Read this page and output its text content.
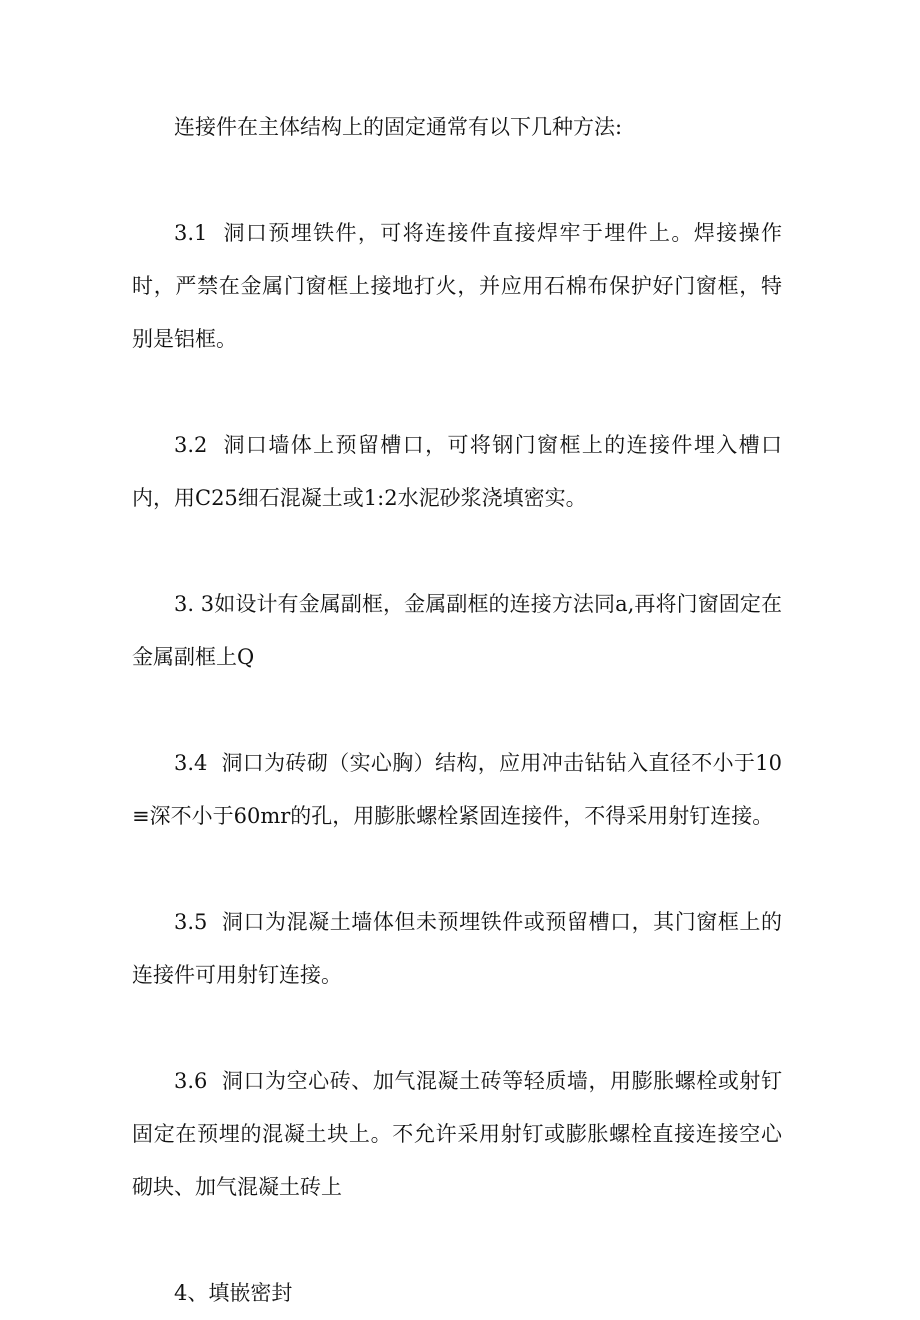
连接件在主体结构上的固定通常有以下几种方法:

3.1  洞口预埋铁件，可将连接件直接焊牢于埋件上。焊接操作时，严禁在金属门窗框上接地打火，并应用石棉布保护好门窗框，特别是铝框。

3.2  洞口墙体上预留槽口，可将钢门窗框上的连接件埋入槽口内，用C25细石混凝土或1:2水泥砂浆浇填密实。

3. 3如设计有金属副框，金属副框的连接方法同a,再将门窗固定在金属副框上Q

3.4  洞口为砖砌（实心胸）结构，应用冲击钻钻入直径不小于10≡深不小于60mr的孔，用膨胀螺栓紧固连接件，不得采用射钉连接。

3.5  洞口为混凝土墙体但未预埋铁件或预留槽口，其门窗框上的连接件可用射钉连接。

3.6  洞口为空心砖、加气混凝土砖等轻质墙，用膨胀螺栓或射钉固定在预埋的混凝土块上。不允许采用射钉或膨胀螺栓直接连接空心砌块、加气混凝土砖上

4、填嵌密封
